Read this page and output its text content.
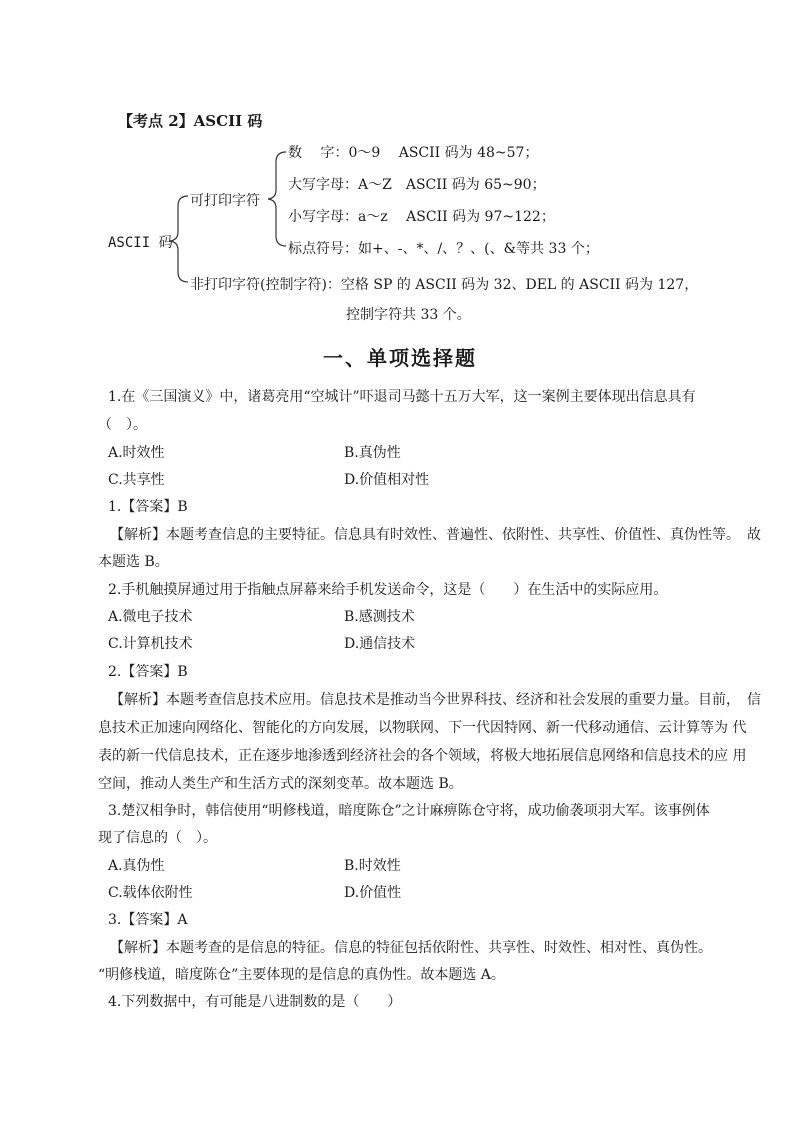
【考点 2】ASCII 码
ASCII 码
可打印字符
数　 字：0～9　 ASCII 码为 48~57；
大写字母：A～Z　ASCII 码为 65~90；
小写字母：a～z　 ASCII 码为 97~122；
标点符号：如+、-、*、/、？、(、&等共 33 个；
非打印字符(控制字符)：空格 SP 的 ASCII 码为 32、DEL 的 ASCII 码为 127，
控制字符共 33 个。
一、单项选择题
1.在《三国演义》中，诸葛亮用“空城计”吓退司马懿十五万大军，这一案例主要体现出信息具有
（　）。
A.时效性	B.真伪性
C.共享性	D.价值相对性
1.【答案】B
【解析】本题考查信息的主要特征。信息具有时效性、普遍性、依附性、共享性、价值性、真伪性等。　故
本题选 B。
2.手机触摸屏通过用于指触点屏幕来给手机发送命令，这是（　　）在生活中的实际应用。
A.微电子技术	B.感测技术
C.计算机技术	D.通信技术
2.【答案】B
【解析】本题考查信息技术应用。信息技术是推动当今世界科技、经济和社会发展的重要力量。目前，　信
息技术正加速向网络化、智能化的方向发展，以物联网、下一代因特网、新一代移动通信、云计算等为 代
表的新一代信息技术，正在逐步地渗透到经济社会的各个领域，将极大地拓展信息网络和信息技术的应 用
空间，推动人类生产和生活方式的深刻变革。故本题选 B。
3.楚汉相争时，韩信使用“明修栈道，暗度陈仓”之计麻痹陈仓守将，成功偷袭项羽大军。该事例体
现了信息的（　）。
A.真伪性	B.时效性
C.载体依附性	D.价值性
3.【答案】A
【解析】本题考查的是信息的特征。信息的特征包括依附性、共享性、时效性、相对性、真伪性。
“明修栈道，暗度陈仓”主要体现的是信息的真伪性。故本题选 A。
4.下列数据中，有可能是八进制数的是（　　）
